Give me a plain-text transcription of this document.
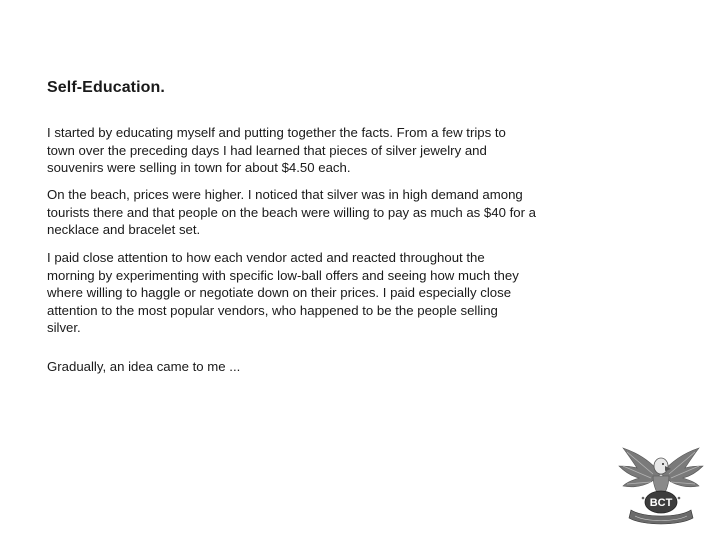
Self-Education.

I started by educating myself and putting together the facts. From a few trips to
town over the preceding days I had learned that pieces of silver jewelry and
souvenirs were selling in town for about $4.50 each.

On the beach, prices were higher. I noticed that silver was in high demand among
tourists there and that people on the beach were willing to pay as much as $40 for a
necklace and bracelet set.

I paid close attention to how each vendor acted and reacted throughout the
morning by experimenting with specific low-ball offers and seeing how much they
where willing to haggle or negotiate down on their prices. I paid especially close
attention to the most popular vendors, who happened to be the people selling
silver.

Gradually, an idea came to me ...

BCT
